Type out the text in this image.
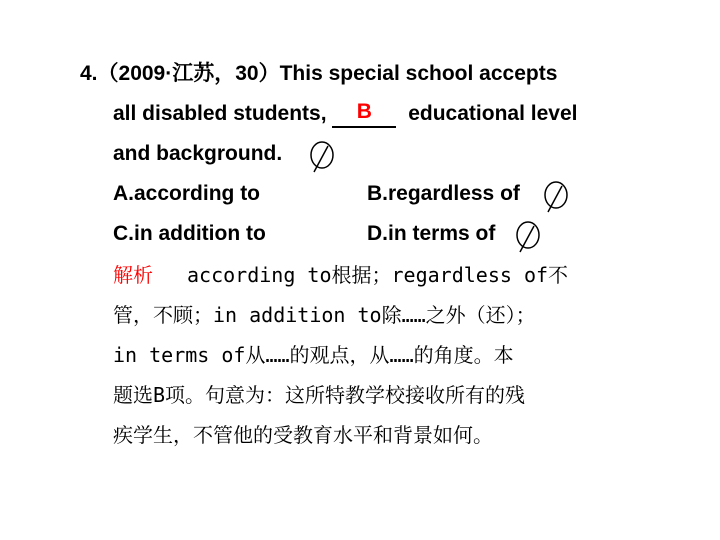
4.（2009·江苏，30）This special school accepts
all disabled students,	B	educational level
and background.
A.according to	B.regardless of
C.in addition to	D.in terms of
解析 according to根据；regardless of不
管，不顾；in addition to除……之外（还）；
in terms of从……的观点，从……的角度。本
题选B项。句意为：这所特教学校接收所有的残
疾学生，不管他的受教育水平和背景如何。
